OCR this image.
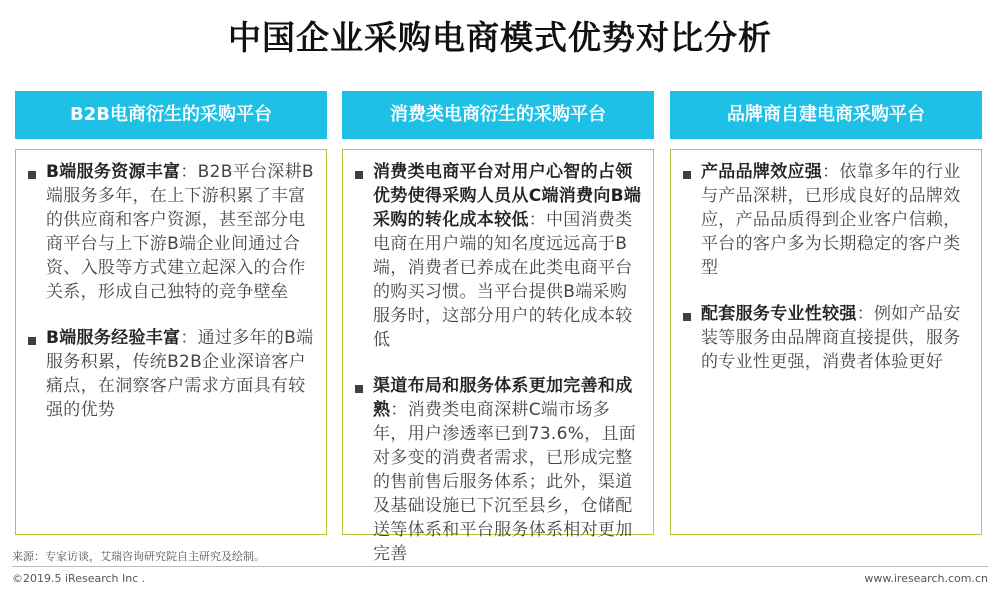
中国企业采购电商模式优势对比分析
B2B电商衍生的采购平台
B端服务资源丰富：B2B平台深耕B端服务多年，在上下游积累了丰富的供应商和客户资源，甚至部分电商平台与上下游B端企业间通过合资、入股等方式建立起深入的合作关系，形成自己独特的竞争壁垒
B端服务经验丰富：通过多年的B端服务积累，传统B2B企业深谙客户痛点，在洞察客户需求方面具有较强的优势
消费类电商衍生的采购平台
消费类电商平台对用户心智的占领优势使得采购人员从C端消费向B端采购的转化成本较低：中国消费类电商在用户端的知名度远远高于B端，消费者已养成在此类电商平台的购买习惯。当平台提供B端采购服务时，这部分用户的转化成本较低
渠道布局和服务体系更加完善和成熟：消费类电商深耕C端市场多年，用户渗透率已到73.6%，且面对多变的消费者需求，已形成完整的售前售后服务体系；此外，渠道及基础设施已下沉至县乡，仓储配送等体系和平台服务体系相对更加完善
品牌商自建电商采购平台
产品品牌效应强：依靠多年的行业与产品深耕，已形成良好的品牌效应，产品品质得到企业客户信赖，平台的客户多为长期稳定的客户类型
配套服务专业性较强：例如产品安装等服务由品牌商直接提供，服务的专业性更强，消费者体验更好
来源：专家访谈，艾瑞咨询研究院自主研究及绘制。
©2019.5 iResearch Inc .	www.iresearch.com.cn
